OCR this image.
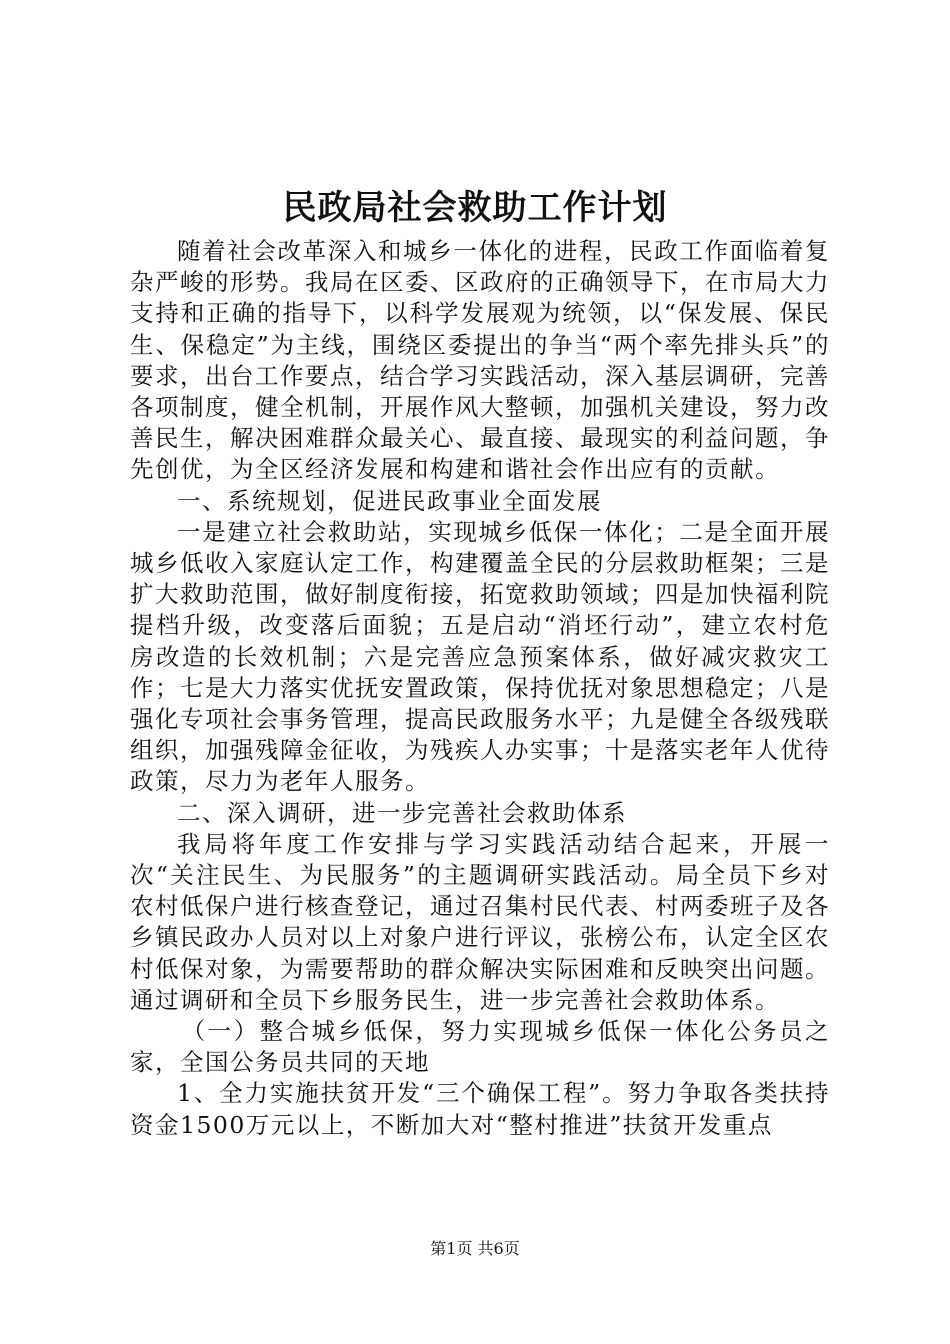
民政局社会救助工作计划

随着社会改革深入和城乡一体化的进程，民政工作面临着复杂严峻的形势。我局在区委、区政府的正确领导下，在市局大力支持和正确的指导下，以科学发展观为统领，以“保发展、保民生、保稳定”为主线，围绕区委提出的争当“两个率先排头兵”的要求，出台工作要点，结合学习实践活动，深入基层调研，完善各项制度，健全机制，开展作风大整顿，加强机关建设，努力改善民生，解决困难群众最关心、最直接、最现实的利益问题，争先创优，为全区经济发展和构建和谐社会作出应有的贡献。

一、系统规划，促进民政事业全面发展

一是建立社会救助站，实现城乡低保一体化；二是全面开展城乡低收入家庭认定工作，构建覆盖全民的分层救助框架；三是扩大救助范围，做好制度衔接，拓宽救助领域；四是加快福利院提档升级，改变落后面貌；五是启动“消坯行动”，建立农村危房改造的长效机制；六是完善应急预案体系，做好减灾救灾工作；七是大力落实优抚安置政策，保持优抚对象思想稳定；八是强化专项社会事务管理，提高民政服务水平；九是健全各级残联组织，加强残障金征收，为残疾人办实事；十是落实老年人优待政策，尽力为老年人服务。

二、深入调研，进一步完善社会救助体系

我局将年度工作安排与学习实践活动结合起来，开展一次“关注民生、为民服务”的主题调研实践活动。局全员下乡对农村低保户进行核查登记，通过召集村民代表、村两委班子及各乡镇民政办人员对以上对象户进行评议，张榜公布，认定全区农村低保对象，为需要帮助的群众解决实际困难和反映突出问题。通过调研和全员下乡服务民生，进一步完善社会救助体系。

（一）整合城乡低保，努力实现城乡低保一体化公务员之家，全国公务员共同的天地

1、全力实施扶贫开发“三个确保工程”。努力争取各类扶持资金1500万元以上，不断加大对“整村推进”扶贫开发重点

第1页 共6页
